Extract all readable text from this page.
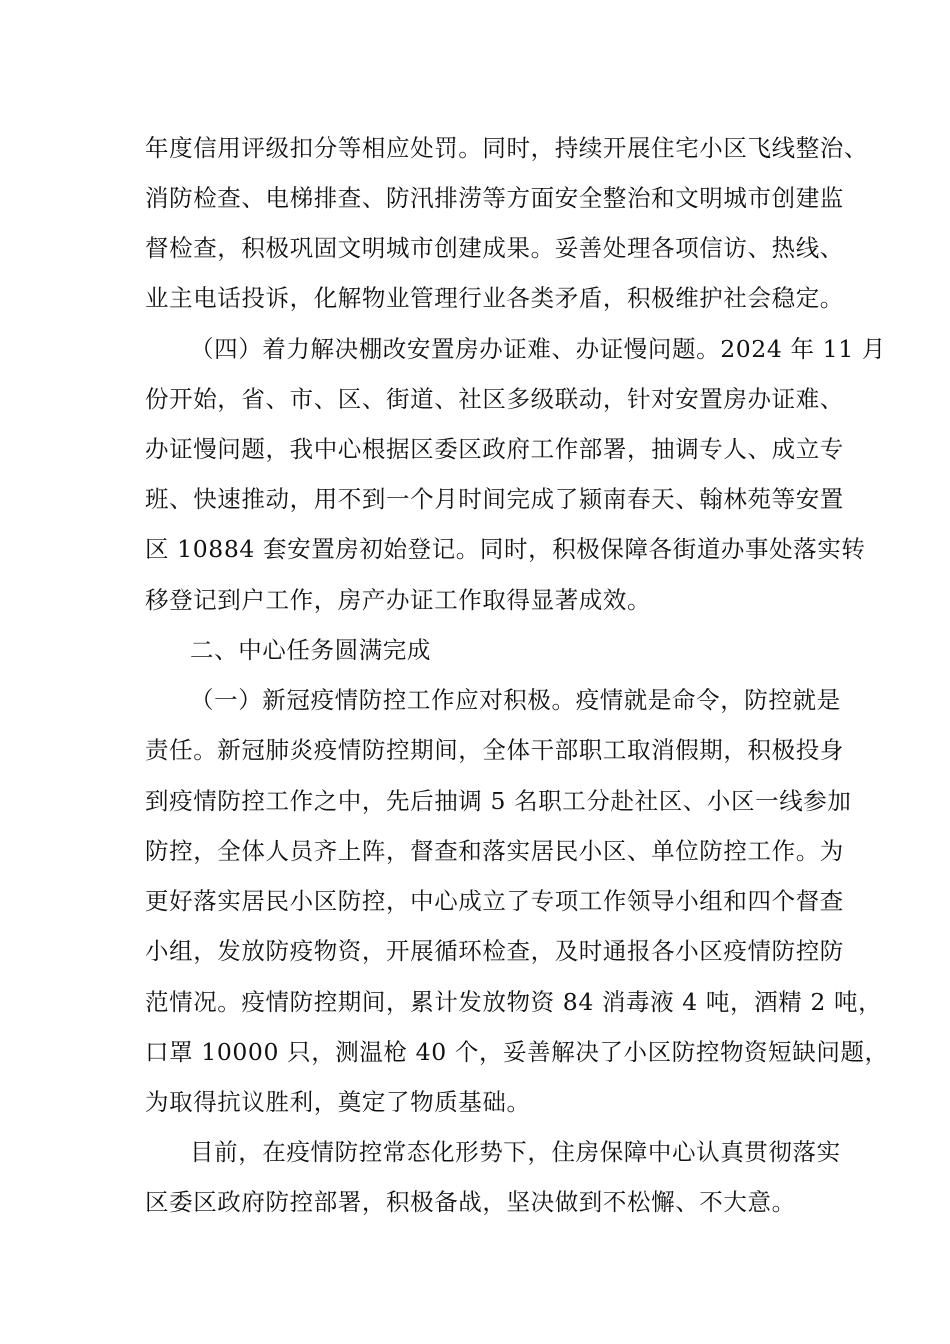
年度信用评级扣分等相应处罚。同时，持续开展住宅小区飞线整治、
消防检查、电梯排查、防汛排涝等方面安全整治和文明城市创建监
督检查，积极巩固文明城市创建成果。妥善处理各项信访、热线、
业主电话投诉，化解物业管理行业各类矛盾，积极维护社会稳定。
（四）着力解决棚改安置房办证难、办证慢问题。2024 年 11 月
份开始，省、市、区、街道、社区多级联动，针对安置房办证难、
办证慢问题，我中心根据区委区政府工作部署，抽调专人、成立专
班、快速推动，用不到一个月时间完成了颍南春天、翰林苑等安置
区 10884 套安置房初始登记。同时，积极保障各街道办事处落实转
移登记到户工作，房产办证工作取得显著成效。
二、中心任务圆满完成
（一）新冠疫情防控工作应对积极。疫情就是命令，防控就是
责任。新冠肺炎疫情防控期间，全体干部职工取消假期，积极投身
到疫情防控工作之中，先后抽调 5 名职工分赴社区、小区一线参加
防控，全体人员齐上阵，督查和落实居民小区、单位防控工作。为
更好落实居民小区防控，中心成立了专项工作领导小组和四个督查
小组，发放防疫物资，开展循环检查，及时通报各小区疫情防控防
范情况。疫情防控期间，累计发放物资 84 消毒液 4 吨，酒精 2 吨，
口罩 10000 只，测温枪 40 个，妥善解决了小区防控物资短缺问题，
为取得抗议胜利，奠定了物质基础。
目前，在疫情防控常态化形势下，住房保障中心认真贯彻落实
区委区政府防控部署，积极备战，坚决做到不松懈、不大意。
